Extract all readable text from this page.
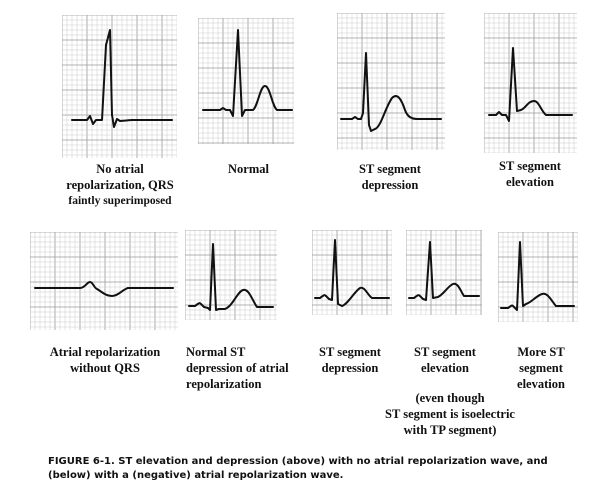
No atrial
repolarization, QRS
faintly superimposed
Normal	ST segment
depression
ST segment
elevation
Atrial repolarization
without QRS
Normal ST
depression of atrial
repolarization
ST segment
depression
ST segment
elevation
More ST
segment
elevation
(even though
ST segment is isoelectric
with TP segment)
FIGURE 6-1. ST elevation and depression (above) with no atrial repolarization wave, and (below) with a (negative) atrial repolarization wave.
